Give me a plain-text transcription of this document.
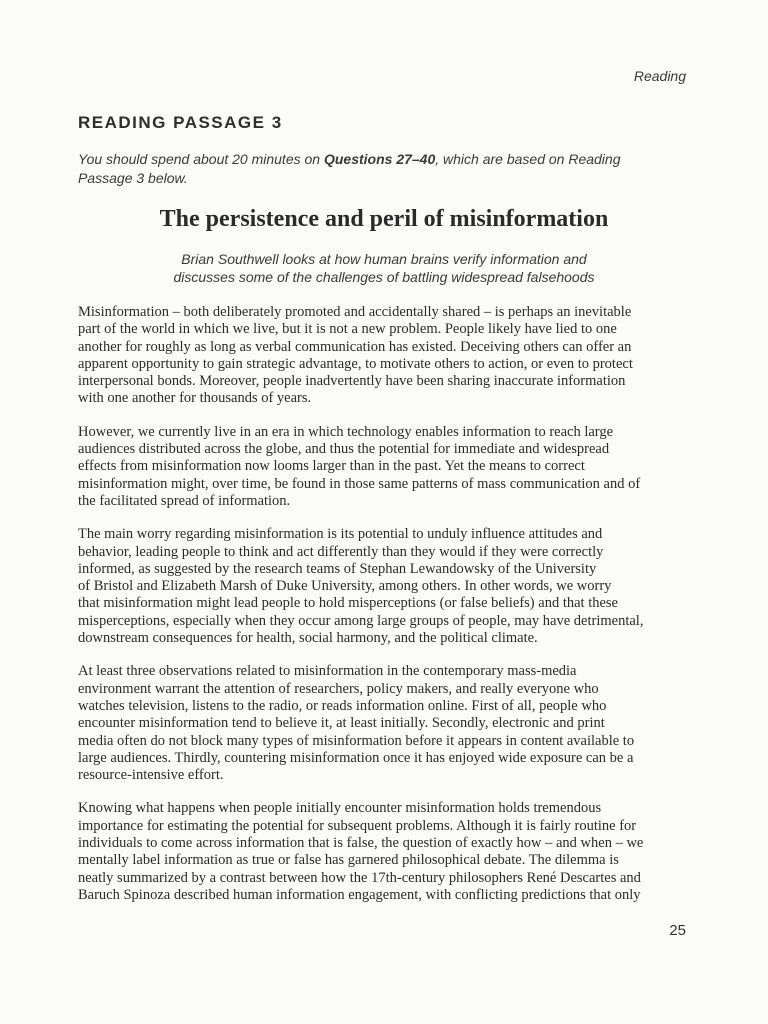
Reading
READING PASSAGE 3
You should spend about 20 minutes on Questions 27–40, which are based on Reading
Passage 3 below.
The persistence and peril of misinformation
Brian Southwell looks at how human brains verify information and
discusses some of the challenges of battling widespread falsehoods
Misinformation – both deliberately promoted and accidentally shared – is perhaps an inevitable
part of the world in which we live, but it is not a new problem. People likely have lied to one
another for roughly as long as verbal communication has existed. Deceiving others can offer an
apparent opportunity to gain strategic advantage, to motivate others to action, or even to protect
interpersonal bonds. Moreover, people inadvertently have been sharing inaccurate information
with one another for thousands of years.
However, we currently live in an era in which technology enables information to reach large
audiences distributed across the globe, and thus the potential for immediate and widespread
effects from misinformation now looms larger than in the past. Yet the means to correct
misinformation might, over time, be found in those same patterns of mass communication and of
the facilitated spread of information.
The main worry regarding misinformation is its potential to unduly influence attitudes and
behavior, leading people to think and act differently than they would if they were correctly
informed, as suggested by the research teams of Stephan Lewandowsky of the University
of Bristol and Elizabeth Marsh of Duke University, among others. In other words, we worry
that misinformation might lead people to hold misperceptions (or false beliefs) and that these
misperceptions, especially when they occur among large groups of people, may have detrimental,
downstream consequences for health, social harmony, and the political climate.
At least three observations related to misinformation in the contemporary mass-media
environment warrant the attention of researchers, policy makers, and really everyone who
watches television, listens to the radio, or reads information online. First of all, people who
encounter misinformation tend to believe it, at least initially. Secondly, electronic and print
media often do not block many types of misinformation before it appears in content available to
large audiences. Thirdly, countering misinformation once it has enjoyed wide exposure can be a
resource-intensive effort.
Knowing what happens when people initially encounter misinformation holds tremendous
importance for estimating the potential for subsequent problems. Although it is fairly routine for
individuals to come across information that is false, the question of exactly how – and when – we
mentally label information as true or false has garnered philosophical debate. The dilemma is
neatly summarized by a contrast between how the 17th-century philosophers René Descartes and
Baruch Spinoza described human information engagement, with conflicting predictions that only
25
